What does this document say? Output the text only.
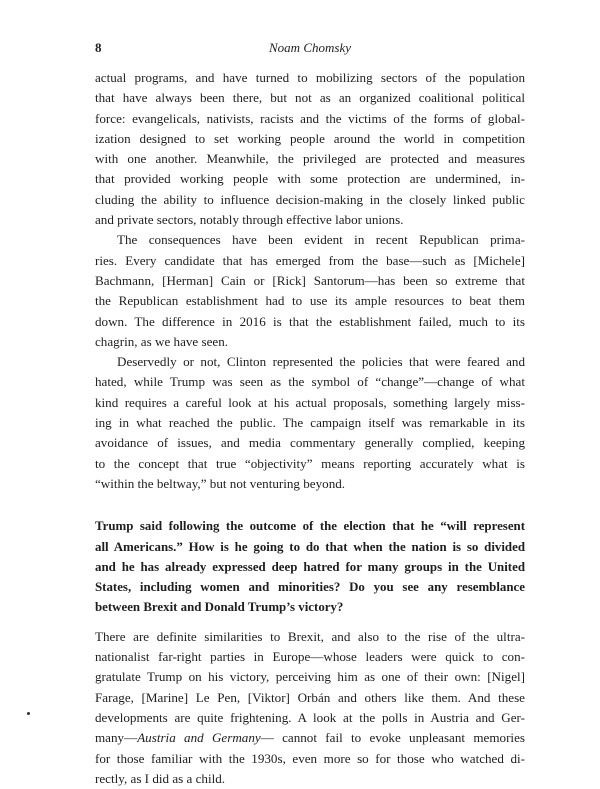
8	Noam Chomsky
actual programs, and have turned to mobilizing sectors of the population
that have always been there, but not as an organized coalitional political
force: evangelicals, nativists, racists and the victims of the forms of global-
ization designed to set working people around the world in competition
with one another. Meanwhile, the privileged are protected and measures
that provided working people with some protection are undermined, in-
cluding the ability to influence decision-making in the closely linked public
and private sectors, notably through effective labor unions.
The consequences have been evident in recent Republican prima-
ries. Every candidate that has emerged from the base—such as [Michele]
Bachmann, [Herman] Cain or [Rick] Santorum—has been so extreme that
the Republican establishment had to use its ample resources to beat them
down. The difference in 2016 is that the establishment failed, much to its
chagrin, as we have seen.
Deservedly or not, Clinton represented the policies that were feared and
hated, while Trump was seen as the symbol of “change”—change of what
kind requires a careful look at his actual proposals, something largely miss-
ing in what reached the public. The campaign itself was remarkable in its
avoidance of issues, and media commentary generally complied, keeping
to the concept that true “objectivity” means reporting accurately what is
“within the beltway,” but not venturing beyond.
Trump said following the outcome of the election that he “will represent
all Americans.” How is he going to do that when the nation is so divided
and he has already expressed deep hatred for many groups in the United
States, including women and minorities? Do you see any resemblance
between Brexit and Donald Trump’s victory?
There are definite similarities to Brexit, and also to the rise of the ultra-
nationalist far-right parties in Europe—whose leaders were quick to con-
gratulate Trump on his victory, perceiving him as one of their own: [Nigel]
Farage, [Marine] Le Pen, [Viktor] Orbán and others like them. And these
developments are quite frightening. A look at the polls in Austria and Ger-
many—Austria and Germany— cannot fail to evoke unpleasant memories
for those familiar with the 1930s, even more so for those who watched di-
rectly, as I did as a child.
